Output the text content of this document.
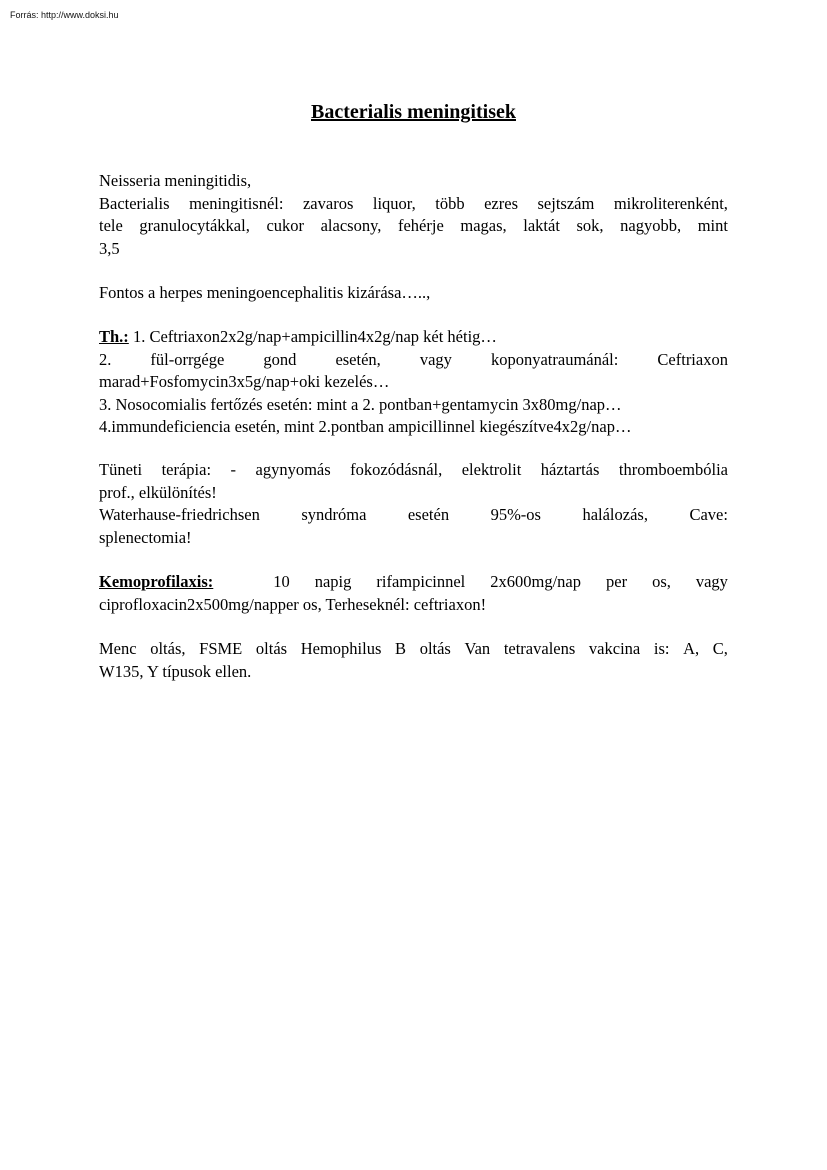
Forrás: http://www.doksi.hu
Bacterialis meningitisek
Neisseria meningitidis,
Bacterialis meningitisnél: zavaros liquor, több ezres sejtszám mikroliterenként,
tele granulocytákkal, cukor alacsony, fehérje magas, laktát sok, nagyobb, mint
3,5
Fontos a herpes meningoencephalitis kizárása…..,
Th.: 1. Ceftriaxon2x2g/nap+ampicillin4x2g/nap két hétig…
2. fül-orrgége gond esetén, vagy koponyatraumánál: Ceftriaxon
marad+Fosfomycin3x5g/nap+oki kezelés…
3. Nosocomialis fertőzés esetén: mint a 2. pontban+gentamycin 3x80mg/nap…
4.immundeficiencia esetén, mint 2.pontban ampicillinnel kiegészítve4x2g/nap…
Tüneti terápia: - agynyomás fokozódásnál, elektrolit háztartás thromboembólia
prof., elkülönítés!
Waterhause-friedrichsen	syndróma	esetén	95%-os	halálozás,	Cave:
splenectomia!
Kemoprofilaxis:	10 napig rifampicinnel 2x600mg/nap per os, vagy
ciprofloxacin2x500mg/napper os, Terheseknél: ceftriaxon!
Menc oltás, FSME oltás Hemophilus B oltás Van tetravalens vakcina is: A, C,
W135, Y típusok ellen.
